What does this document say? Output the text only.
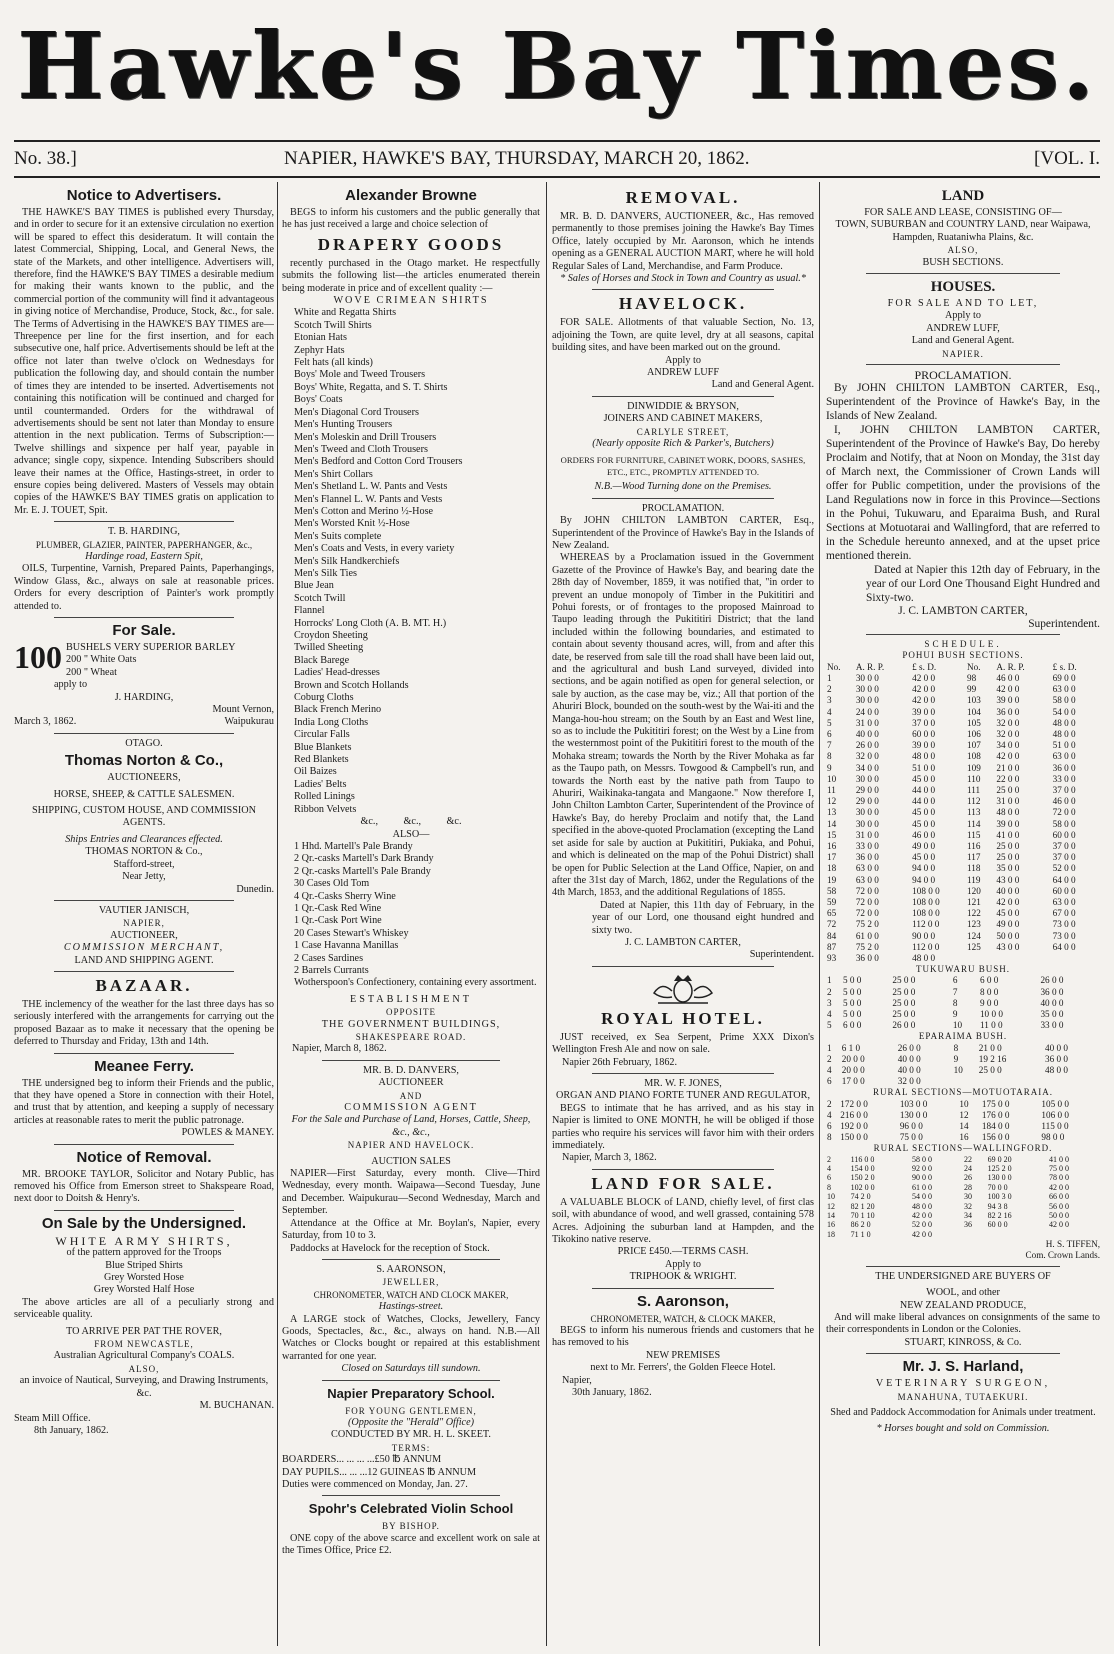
Hawke's Bay Times.
No. 38.]	NAPIER, HAWKE'S BAY, THURSDAY, MARCH 20, 1862.	[VOL. I.
Notice to Advertisers.

THE HAWKE'S BAY TIMES is published every Thursday, and in order to secure for it an extensive circulation no exertion will be spared to effect this desideratum. It will contain the latest Commercial, Shipping, Local, and General News, the state of the Markets, and other intelligence. Advertisers will, therefore, find the HAWKE'S BAY TIMES a desirable medium for making their wants known to the public, and the commercial portion of the community will find it advantageous in giving notice of Merchandise, Produce, Stock, &c., for sale. The Terms of Advertising in the HAWKE'S BAY TIMES are—Threepence per line for the first insertion, and for each subsecutive one, half price. Advertisements should be left at the office not later than twelve o'clock on Wednesdays for publication the following day, and should contain the number of times they are intended to be inserted. Advertisements not containing this notification will be continued and charged for until countermanded. Orders for the withdrawal of advertisements should be sent not later than Monday to ensure attention in the next publication. Terms of Subscription:—Twelve shillings and sixpence per half year, payable in advance; single copy, sixpence. Intending Subscribers should leave their names at the Office, Hastings-street, in order to ensure copies being delivered. Masters of Vessels may obtain copies of the HAWKE'S BAY TIMES gratis on application to Mr. E. J. TOUET, Spit.

T. B. HARDING,
PLUMBER, GLAZIER, PAINTER, PAPERHANGER, &c.,
Hardinge road, Eastern Spit,

OILS, Turpentine, Varnish, Prepared Paints, Paperhangings, Window Glass, &c., always on sale at reasonable prices. Orders for every description of Painter's work promptly attended to.

For Sale.
100 BUSHELS VERY SUPERIOR BARLEY
200 " White Oats
200 " Wheat
apply to
J. HARDING,
Mount Vernon,
March 3, 1862.	Waipukurau
OTAGO.
Thomas Norton & Co.,
AUCTIONEERS,
HORSE, SHEEP, & CATTLE SALESMEN.
SHIPPING, CUSTOM HOUSE, AND COMMISSION AGENTS.
Ships Entries and Clearances effected.
THOMAS NORTON & Co.,
Stafford-street,
Near Jetty,
Dunedin.
VAUTIER JANISCH,
NAPIER,
AUCTIONEER,
COMMISSION MERCHANT,
LAND AND SHIPPING AGENT.
BAZAAR.

THE inclemency of the weather for the last three days has so seriously interfered with the arrangements for carrying out the proposed Bazaar as to make it necessary that the opening be deferred to Thursday and Friday, 13th and 14th.

Meanee Ferry.

THE undersigned beg to inform their Friends and the public, that they have opened a Store in connection with their Hotel, and trust that by attention, and keeping a supply of necessary articles at reasonable rates to merit the public patronage.

POWLES & MANEY.
Notice of Removal.

MR. BROOKE TAYLOR, Solicitor and Notary Public, has removed his Office from Emerson street to Shakspeare Road, next door to Doitsh & Henry's.

On Sale by the Undersigned.
WHITE ARMY SHIRTS,
of the pattern approved for the Troops
Blue Striped Shirts
Grey Worsted Hose
Grey Worsted Half Hose

The above articles are all of a peculiarly strong and serviceable quality.

TO ARRIVE PER PAT THE ROVER,
FROM NEWCASTLE,
Australian Agricultural Company's COALS.
ALSO,
an invoice of Nautical, Surveying, and Drawing Instruments, &c.
M. BUCHANAN.
Steam Mill Office.
8th January, 1862.
Alexander Browne

BEGS to inform his customers and the public generally that he has just received a large and choice selection of

DRAPERY GOODS

recently purchased in the Otago market. He respectfully submits the following list—the articles enumerated therein being moderate in price and of excellent quality :—

WOVE CRIMEAN SHIRTS
White and Regatta Shirts
Scotch Twill Shirts
Etonian Hats
Zephyr Hats
Felt hats (all kinds)
Boys' Mole and Tweed Trousers
Boys' White, Regatta, and S. T. Shirts
Boys' Coats
Men's Diagonal Cord Trousers
Men's Hunting Trousers
Men's Moleskin and Drill Trousers
Men's Tweed and Cloth Trousers
Men's Bedford and Cotton Cord Trousers
Men's Shirt Collars
Men's Shetland L. W. Pants and Vests
Men's Flannel L. W. Pants and Vests
Men's Cotton and Merino ½-Hose
Men's Worsted Knit ½-Hose
Men's Suits complete
Men's Coats and Vests, in every variety
Men's Silk Handkerchiefs
Men's Silk Ties
Blue Jean
Scotch Twill
Flannel
Horrocks' Long Cloth (A. B. MT. H.)
Croydon Sheeting
Twilled Sheeting
Black Barege
Ladies' Head-dresses
Brown and Scotch Hollands
Coburg Cloths
Black French Merino
India Long Cloths
Circular Falls
Blue Blankets
Red Blankets
Oil Baizes
Ladies' Belts
Rolled Linings
Ribbon Velvets
&c.,          &c.,          &c.
ALSO—
1 Hhd. Martell's Pale Brandy
2 Qr.-casks Martell's Dark Brandy
2 Qr.-casks Martell's Pale Brandy
30 Cases Old Tom
4 Qr.-Casks Sherry Wine
1 Qr.-Cask Red Wine
1 Qr.-Cask Port Wine
20 Cases Stewart's Whiskey
1 Case Havanna Manillas
2 Cases Sardines
2 Barrels Currants
Wotherspoon's Confectionery, containing every assortment.
ESTABLISHMENT
OPPOSITE
THE GOVERNMENT BUILDINGS,
SHAKESPEARE ROAD.
Napier, March 8, 1862.
MR. B. D. DANVERS,
AUCTIONEER
AND
COMMISSION AGENT
For the Sale and Purchase of Land, Horses, Cattle, Sheep, &c., &c.,
NAPIER AND HAVELOCK.
AUCTION SALES

NAPIER—First Saturday, every month. Clive—Third Wednesday, every month. Waipawa—Second Tuesday, June and December. Waipukurau—Second Wednesday, March and September.

Attendance at the Office at Mr. Boylan's, Napier, every Saturday, from 10 to 3.

Paddocks at Havelock for the reception of Stock.

S. AARONSON,
JEWELLER,
CHRONOMETER, WATCH AND CLOCK MAKER,
Hastings-street.

A LARGE stock of Watches, Clocks, Jewellery, Fancy Goods, Spectacles, &c., &c., always on hand. N.B.—All Watches or Clocks bought or repaired at this establishment warranted for one year.

Closed on Saturdays till sundown.
Napier Preparatory School.
FOR YOUNG GENTLEMEN,
(Opposite the "Herald" Office)
CONDUCTED BY MR. H. L. SKEET.
TERMS:
BOARDERS... ... ... ...£50 ℔ ANNUM
DAY PUPILS... ... ...12 GUINEAS ℔ ANNUM
Duties were commenced on Monday, Jan. 27.
Spohr's Celebrated Violin School
BY BISHOP.

ONE copy of the above scarce and excellent work on sale at the Times Office, Price £2.

REMOVAL.

MR. B. D. DANVERS, AUCTIONEER, &c., Has removed permanently to those premises joining the Hawke's Bay Times Office, lately occupied by Mr. Aaronson, which he intends opening as a GENERAL AUCTION MART, where he will hold Regular Sales of Land, Merchandise, and Farm Produce.

* Sales of Horses and Stock in Town and Country as usual.*
HAVELOCK.

FOR SALE. Allotments of that valuable Section, No. 13, adjoining the Town, are quite level, dry at all seasons, capital building sites, and have been marked out on the ground.

Apply to
ANDREW LUFF
Land and General Agent.
DINWIDDIE & BRYSON,
JOINERS AND CABINET MAKERS,
CARLYLE STREET,
(Nearly opposite Rich & Parker's, Butchers)
ORDERS FOR FURNITURE, CABINET WORK, DOORS, SASHES, ETC., ETC., PROMPTLY ATTENDED TO.
N.B.—Wood Turning done on the Premises.
PROCLAMATION.

By JOHN CHILTON LAMBTON CARTER, Esq., Superintendent of the Province of Hawke's Bay in the Islands of New Zealand.

WHEREAS by a Proclamation issued in the Government Gazette of the Province of Hawke's Bay, and bearing date the 28th day of November, 1859, it was notified that, "in order to prevent an undue monopoly of Timber in the Pukititiri and Pohui forests, or of frontages to the proposed Mainroad to Taupo leading through the Pukititiri District; that the land included within the following boundaries, and estimated to contain about seventy thousand acres, will, from and after this date, be reserved from sale till the road shall have been laid out, and the agricultural and bush Land surveyed, divided into sections, and be again notified as open for general selection, or sale by auction, as the case may be, viz.; All that portion of the Ahuriri Block, bounded on the south-west by the Wai-iti and the Manga-hou-hou stream; on the South by an East and West line, so as to include the Pukititiri forest; on the West by a Line from the westernmost point of the Pukititiri forest to the mouth of the Mohaka stream; towards the North by the River Mohaka as far as the Taupo path, on Messrs. Towgood & Campbell's run, and towards the North east by the native path from Taupo to Ahuriri, Waikinaka-tangata and Mangaone." Now therefore I, John Chilton Lambton Carter, Superintendent of the Province of Hawke's Bay, do hereby Proclaim and notify that, the Land specified in the above-quoted Proclamation (excepting the Land set aside for sale by auction at Pukititiri, Pukiaka, and Pohui, and which is delineated on the map of the Pohui District) shall be open for Public Selection at the Land Office, Napier, on and after the 31st day of March, 1862, under the Regulations of the 4th March, 1853, and the additional Regulations of 1855.

Dated at Napier, this 11th day of February, in the year of our Lord, one thousand eight hundred and sixty two.

J. C. LAMBTON CARTER,
Superintendent.
ROYAL HOTEL.

JUST received, ex Sea Serpent, Prime XXX Dixon's Wellington Fresh Ale and now on sale.

Napier 26th February, 1862.
MR. W. F. JONES,
ORGAN AND PIANO FORTE TUNER AND REGULATOR,

BEGS to intimate that he has arrived, and as his stay in Napier is limited to ONE MONTH, he will be obliged if those parties who require his services will favor him with their orders immediately.

Napier, March 3, 1862.
LAND FOR SALE.

A VALUABLE BLOCK of LAND, chiefly level, of first clas soil, with abundance of wood, and well grassed, containing 578 Acres. Adjoining the suburban land at Hampden, and the Tikokino native reserve.

PRICE £450.—TERMS CASH.
Apply to
TRIPHOOK & WRIGHT.
S. Aaronson,
CHRONOMETER, WATCH, & CLOCK MAKER,

BEGS to inform his numerous friends and customers that he has removed to his

NEW PREMISES
next to Mr. Ferrers', the Golden Fleece Hotel.
Napier,
30th January, 1862.
LAND
FOR SALE AND LEASE, CONSISTING OF—
TOWN, SUBURBAN and COUNTRY LAND, near Waipawa, Hampden, Ruataniwha Plains, &c.
ALSO,
BUSH SECTIONS.
HOUSES.
FOR SALE AND TO LET,
Apply to
ANDREW LUFF,
Land and General Agent.
NAPIER.
PROCLAMATION.

By JOHN CHILTON LAMBTON CARTER, Esq., Superintendent of the Province of Hawke's Bay, in the Islands of New Zealand.

I, JOHN CHILTON LAMBTON CARTER, Superintendent of the Province of Hawke's Bay, Do hereby Proclaim and Notify, that at Noon on Monday, the 31st day of March next, the Commissioner of Crown Lands will offer for Public competition, under the provisions of the Land Regulations now in force in this Province—Sections in the Pohui, Tukuwaru, and Eparaima Bush, and Rural Sections at Motuotarai and Wallingford, that are referred to in the Schedule hereunto annexed, and at the upset price mentioned therein.

Dated at Napier this 12th day of February, in the year of our Lord One Thousand Eight Hundred and Sixty-two.

J. C. LAMBTON CARTER,
Superintendent.
SCHEDULE.
POHUI BUSH SECTIONS.
No.	A. R. P.	£ s. D.	No.	A. R. P.	£ s. D.
1	30 0 0	42 0 0	98	46 0 0	69 0 0
2	30 0 0	42 0 0	99	42 0 0	63 0 0
3	30 0 0	42 0 0	103	39 0 0	58 0 0
4	24 0 0	39 0 0	104	36 0 0	54 0 0
5	31 0 0	37 0 0	105	32 0 0	48 0 0
6	40 0 0	60 0 0	106	32 0 0	48 0 0
7	26 0 0	39 0 0	107	34 0 0	51 0 0
8	32 0 0	48 0 0	108	42 0 0	63 0 0
9	34 0 0	51 0 0	109	21 0 0	36 0 0
10	30 0 0	45 0 0	110	22 0 0	33 0 0
11	29 0 0	44 0 0	111	25 0 0	37 0 0
12	29 0 0	44 0 0	112	31 0 0	46 0 0
13	30 0 0	45 0 0	113	48 0 0	72 0 0
14	30 0 0	45 0 0	114	39 0 0	58 0 0
15	31 0 0	46 0 0	115	41 0 0	60 0 0
16	33 0 0	49 0 0	116	25 0 0	37 0 0
17	36 0 0	45 0 0	117	25 0 0	37 0 0
18	63 0 0	94 0 0	118	35 0 0	52 0 0
19	63 0 0	94 0 0	119	43 0 0	64 0 0
58	72 0 0	108 0 0	120	40 0 0	60 0 0
59	72 0 0	108 0 0	121	42 0 0	63 0 0
65	72 0 0	108 0 0	122	45 0 0	67 0 0
72	75 2 0	112 0 0	123	49 0 0	73 0 0
84	61 0 0	90 0 0	124	50 0 0	73 0 0
87	75 2 0	112 0 0	125	43 0 0	64 0 0
93	36 0 0	48 0 0			
TUKUWARU BUSH.
1	5 0 0	25 0 0	6	6 0 0	26 0 0
2	5 0 0	25 0 0	7	8 0 0	36 0 0
3	5 0 0	25 0 0	8	9 0 0	40 0 0
4	5 0 0	25 0 0	9	10 0 0	35 0 0
5	6 0 0	26 0 0	10	11 0 0	33 0 0
EPARAIMA BUSH.
1	6 1 0	26 0 0	8	21 0 0	40 0 0
2	20 0 0	40 0 0	9	19 2 16	36 0 0
4	20 0 0	40 0 0	10	25 0 0	48 0 0
6	17 0 0	32 0 0			
RURAL SECTIONS—MOTUOTARAIA.
2	172 0 0	103 0 0	10	175 0 0	105 0 0
4	216 0 0	130 0 0	12	176 0 0	106 0 0
6	192 0 0	96 0 0	14	184 0 0	115 0 0
8	150 0 0	75 0 0	16	156 0 0	98 0 0
RURAL SECTIONS—WALLINGFORD.
2	116 0 0	58 0 0	22	69 0 20	41 0 0
4	154 0 0	92 0 0	24	125 2 0	75 0 0
6	150 2 0	90 0 0	26	130 0 0	78 0 0
8	102 0 0	61 0 0	28	70 0 0	42 0 0
10	74 2 0	54 0 0	30	100 3 0	66 0 0
12	82 1 20	48 0 0	32	94 3 8	56 0 0
14	70 1 10	42 0 0	34	82 2 16	50 0 0
16	86 2 0	52 0 0	36	60 0 0	42 0 0
18	71 1 0	42 0 0			
H. S. TIFFEN,
Com. Crown Lands.
THE UNDERSIGNED ARE BUYERS OF
WOOL, and other
NEW ZEALAND PRODUCE,

And will make liberal advances on consignments of the same to their correspondents in London or the Colonies.

STUART, KINROSS, & Co.
Mr. J. S. Harland,
VETERINARY SURGEON,
MANAHUNA, TUTAEKURI.
Shed and Paddock Accommodation for Animals under treatment.
* Horses bought and sold on Commission.
